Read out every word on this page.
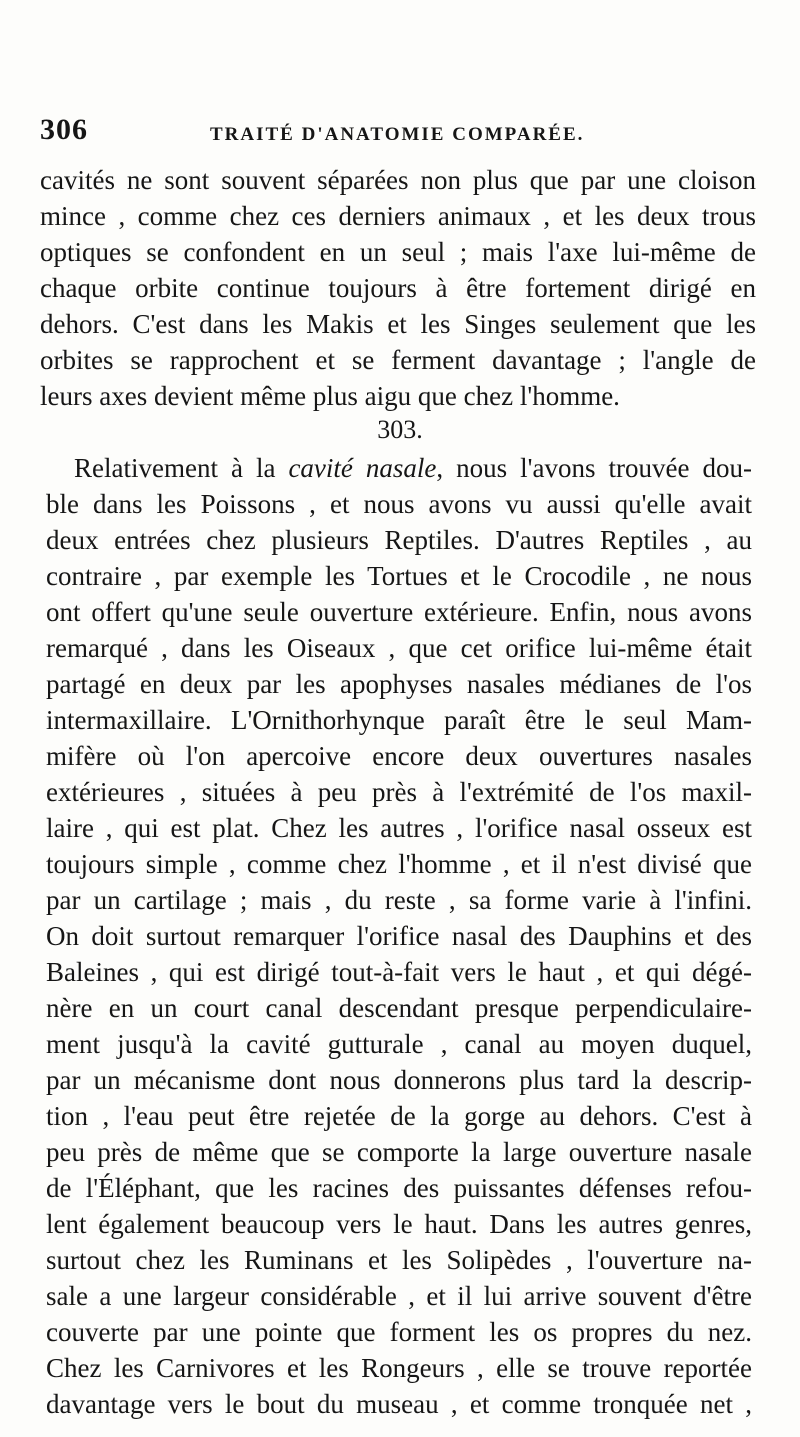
306	TRAITÉ D'ANATOMIE COMPARÉE.
cavités ne sont souvent séparées non plus que par une cloison
mince , comme chez ces derniers animaux , et les deux trous
optiques se confondent en un seul ; mais l'axe lui-même de
chaque orbite continue toujours à être fortement dirigé en
dehors. C'est dans les Makis et les Singes seulement que les
orbites se rapprochent et se ferment davantage ; l'angle de
leurs axes devient même plus aigu que chez l'homme.
303.
Relativement à la cavité nasale, nous l'avons trouvée dou-
ble dans les Poissons , et nous avons vu aussi qu'elle avait
deux entrées chez plusieurs Reptiles. D'autres Reptiles , au
contraire , par exemple les Tortues et le Crocodile , ne nous
ont offert qu'une seule ouverture extérieure. Enfin, nous avons
remarqué , dans les Oiseaux , que cet orifice lui-même était
partagé en deux par les apophyses nasales médianes de l'os
intermaxillaire. L'Ornithorhynque paraît être le seul Mam-
mifère où l'on apercoive encore deux ouvertures nasales
extérieures , situées à peu près à l'extrémité de l'os maxil-
laire , qui est plat. Chez les autres , l'orifice nasal osseux est
toujours simple , comme chez l'homme , et il n'est divisé que
par un cartilage ; mais , du reste , sa forme varie à l'infini.
On doit surtout remarquer l'orifice nasal des Dauphins et des
Baleines , qui est dirigé tout-à-fait vers le haut , et qui dégé-
nère en un court canal descendant presque perpendiculaire-
ment jusqu'à la cavité gutturale , canal au moyen duquel,
par un mécanisme dont nous donnerons plus tard la descrip-
tion , l'eau peut être rejetée de la gorge au dehors. C'est à
peu près de même que se comporte la large ouverture nasale
de l'Éléphant, que les racines des puissantes défenses refou-
lent également beaucoup vers le haut. Dans les autres genres,
surtout chez les Ruminans et les Solipèdes , l'ouverture na-
sale a une largeur considérable , et il lui arrive souvent d'être
couverte par une pointe que forment les os propres du nez.
Chez les Carnivores et les Rongeurs , elle se trouve reportée
davantage vers le bout du museau , et comme tronquée net ,
